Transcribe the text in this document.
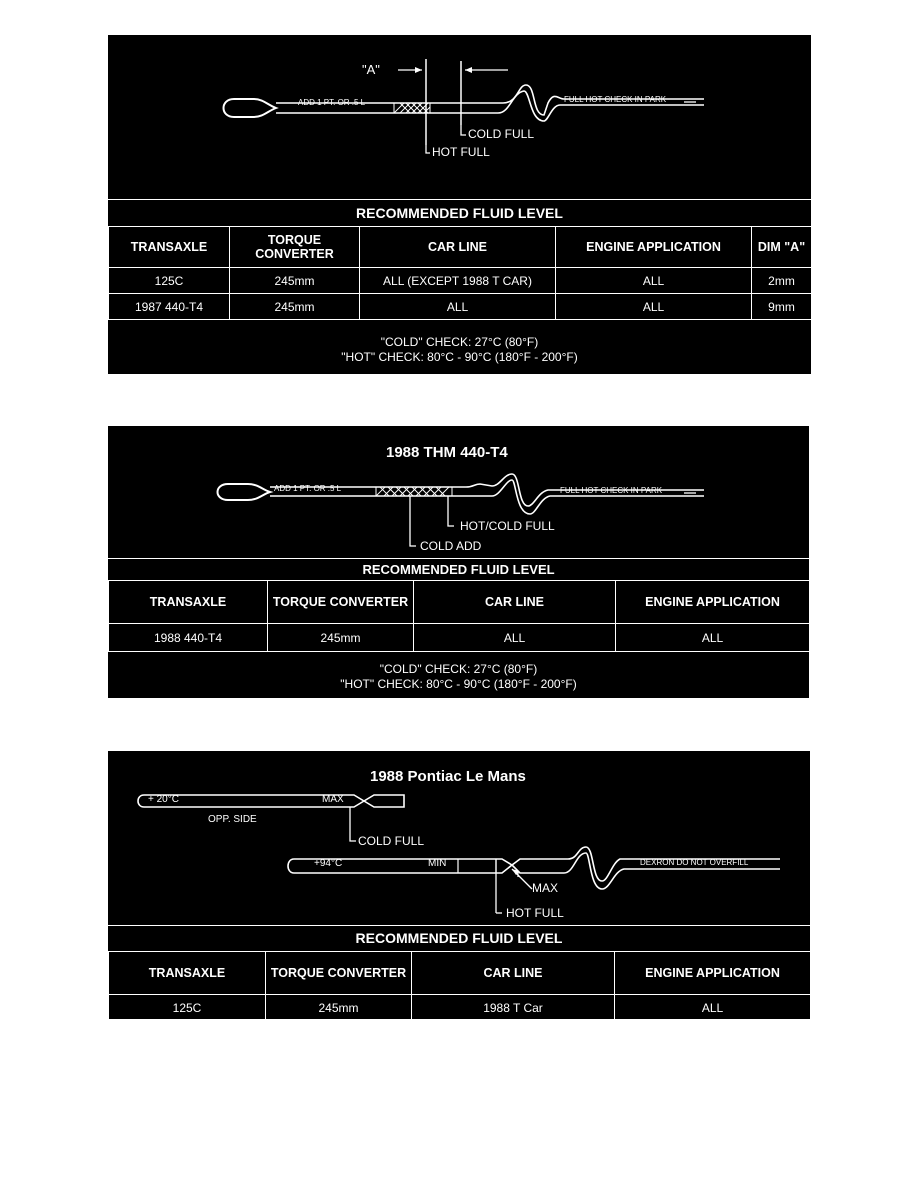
"A"
ADD 1 PT. OR .5 L	FULL HOT CHECK IN PARK
COLD FULL
HOT FULL
RECOMMENDED FLUID LEVEL
TRANSAXLE	TORQUE CONVERTER	CAR LINE	ENGINE APPLICATION	DIM "A"
125C	245mm	ALL (EXCEPT 1988 T CAR)	ALL	2mm
1987 440-T4	245mm	ALL	ALL	9mm
"COLD" CHECK: 27°C (80°F)
"HOT" CHECK: 80°C - 90°C (180°F - 200°F)
1988 THM 440-T4
ADD 1 PT. OR .5 L	FULL HOT CHECK IN PARK
HOT/COLD FULL
COLD ADD
RECOMMENDED FLUID LEVEL
TRANSAXLE	TORQUE CONVERTER	CAR LINE	ENGINE APPLICATION
1988 440-T4	245mm	ALL	ALL
"COLD" CHECK: 27°C (80°F)
"HOT" CHECK: 80°C - 90°C (180°F - 200°F)
1988 Pontiac Le Mans
+ 20°C	MAX
OPP. SIDE
COLD FULL
+94°C	MIN	DEXRON DO NOT OVERFILL
MAX
HOT FULL
RECOMMENDED FLUID LEVEL
TRANSAXLE	TORQUE CONVERTER	CAR LINE	ENGINE APPLICATION
125C	245mm	1988 T Car	ALL
